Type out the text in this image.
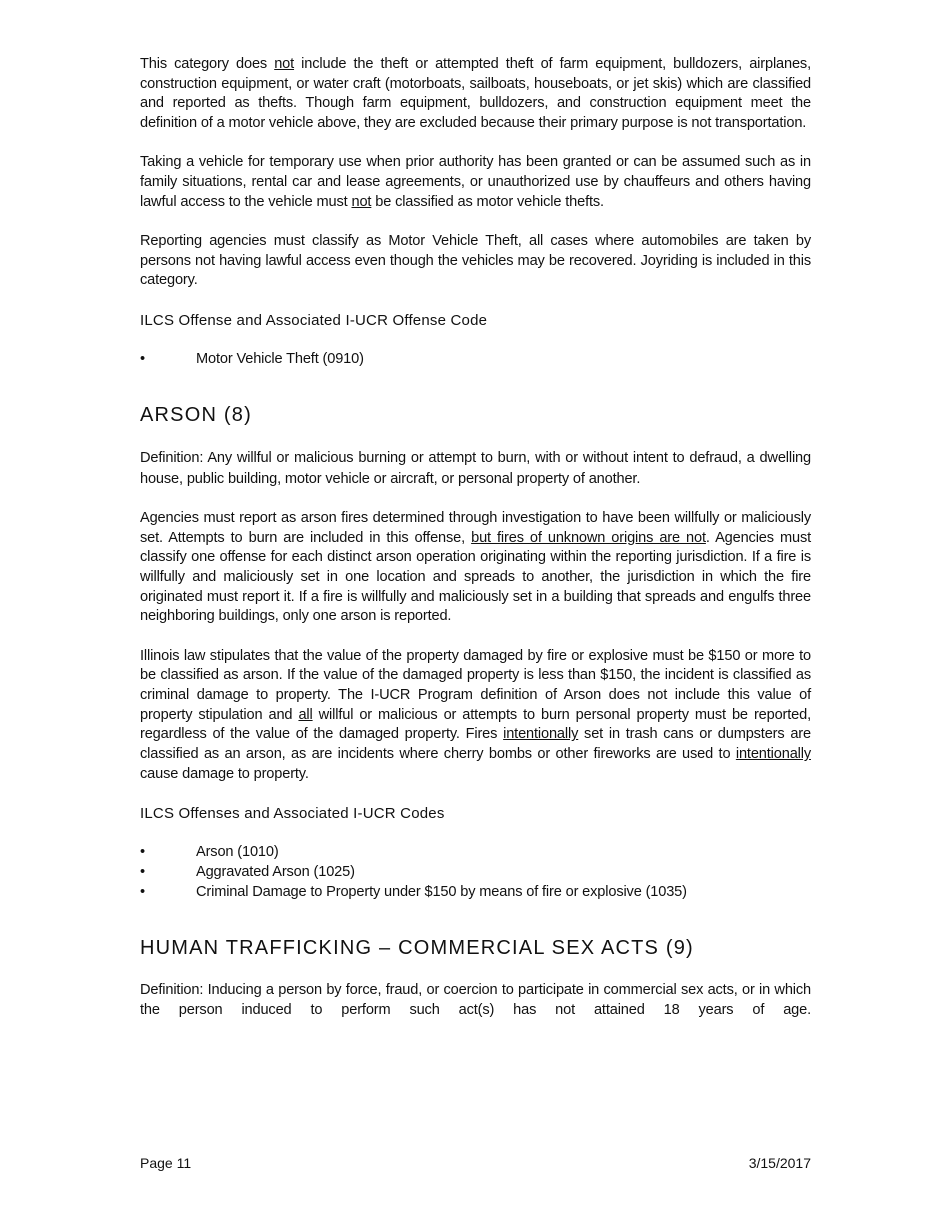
This category does not include the theft or attempted theft of farm equipment, bulldozers, airplanes, construction equipment, or water craft (motorboats, sailboats, houseboats, or jet skis) which are classified and reported as thefts. Though farm equipment, bulldozers, and construction equipment meet the definition of a motor vehicle above, they are excluded because their primary purpose is not transportation.

Taking a vehicle for temporary use when prior authority has been granted or can be assumed such as in family situations, rental car and lease agreements, or unauthorized use by chauffeurs and others having lawful access to the vehicle must not be classified as motor vehicle thefts.

Reporting agencies must classify as Motor Vehicle Theft, all cases where automobiles are taken by persons not having lawful access even though the vehicles may be recovered. Joyriding is included in this category.

ILCS Offense and Associated I-UCR Offense Code

•	Motor Vehicle Theft (0910)
ARSON (8)

Definition: Any willful or malicious burning or attempt to burn, with or without intent to defraud, a dwelling house, public building, motor vehicle or aircraft, or personal property of another.

Agencies must report as arson fires determined through investigation to have been willfully or maliciously set. Attempts to burn are included in this offense, but fires of unknown origins are not. Agencies must classify one offense for each distinct arson operation originating within the reporting jurisdiction. If a fire is willfully and maliciously set in one location and spreads to another, the jurisdiction in which the fire originated must report it. If a fire is willfully and maliciously set in a building that spreads and engulfs three neighboring buildings, only one arson is reported.

Illinois law stipulates that the value of the property damaged by fire or explosive must be $150 or more to be classified as arson. If the value of the damaged property is less than $150, the incident is classified as criminal damage to property. The I-UCR Program definition of Arson does not include this value of property stipulation and all willful or malicious or attempts to burn personal property must be reported, regardless of the value of the damaged property. Fires intentionally set in trash cans or dumpsters are classified as an arson, as are incidents where cherry bombs or other fireworks are used to intentionally cause damage to property.

ILCS Offenses and Associated I-UCR Codes

•	Arson (1010)
•	Aggravated Arson (1025)
•	Criminal Damage to Property under $150 by means of fire or explosive (1035)
HUMAN TRAFFICKING – COMMERCIAL SEX ACTS (9)

Definition: Inducing a person by force, fraud, or coercion to participate in commercial sex acts, or in which the person induced to perform such act(s) has not attained 18 years of age.

Page 11	3/15/2017
